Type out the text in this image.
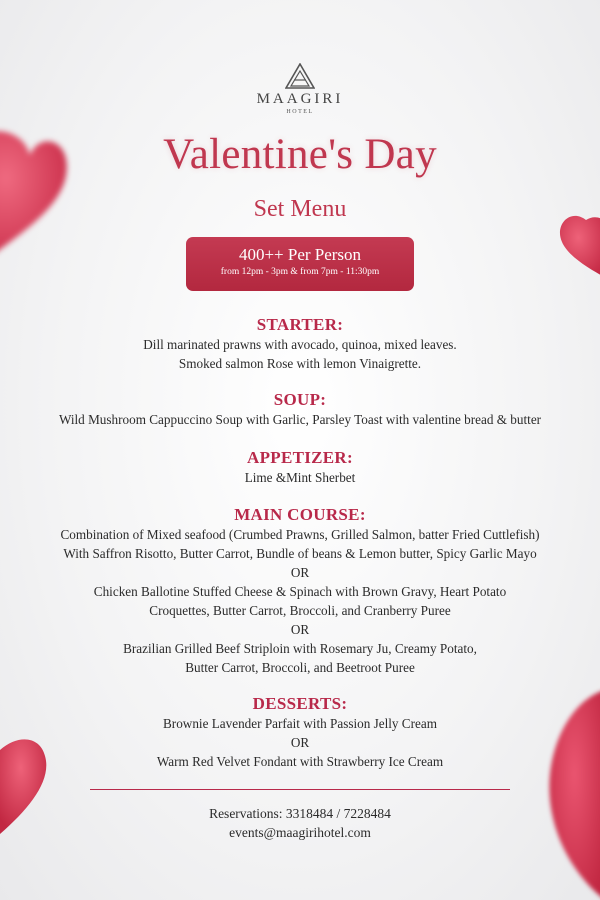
MAAGIRI
HOTEL
Valentine's Day
Set Menu
400++ Per Person
from 12pm - 3pm & from 7pm - 11:30pm
STARTER:
Dill marinated prawns with avocado, quinoa, mixed leaves.
Smoked salmon Rose with lemon Vinaigrette.
SOUP:
Wild Mushroom Cappuccino Soup with Garlic, Parsley Toast with valentine bread & butter
APPETIZER:
Lime &Mint Sherbet
MAIN COURSE:
Combination of Mixed seafood (Crumbed Prawns, Grilled Salmon, batter Fried Cuttlefish)
With Saffron Risotto, Butter Carrot, Bundle of beans & Lemon butter, Spicy Garlic Mayo
OR
Chicken Ballotine Stuffed Cheese & Spinach with Brown Gravy, Heart Potato
Croquettes, Butter Carrot, Broccoli, and Cranberry Puree
OR
Brazilian Grilled Beef Striploin with Rosemary Ju, Creamy Potato,
Butter Carrot, Broccoli, and Beetroot Puree
DESSERTS:
Brownie Lavender Parfait with Passion Jelly Cream
OR
Warm Red Velvet Fondant with Strawberry Ice Cream
Reservations: 3318484 / 7228484
events@maagirihotel.com
